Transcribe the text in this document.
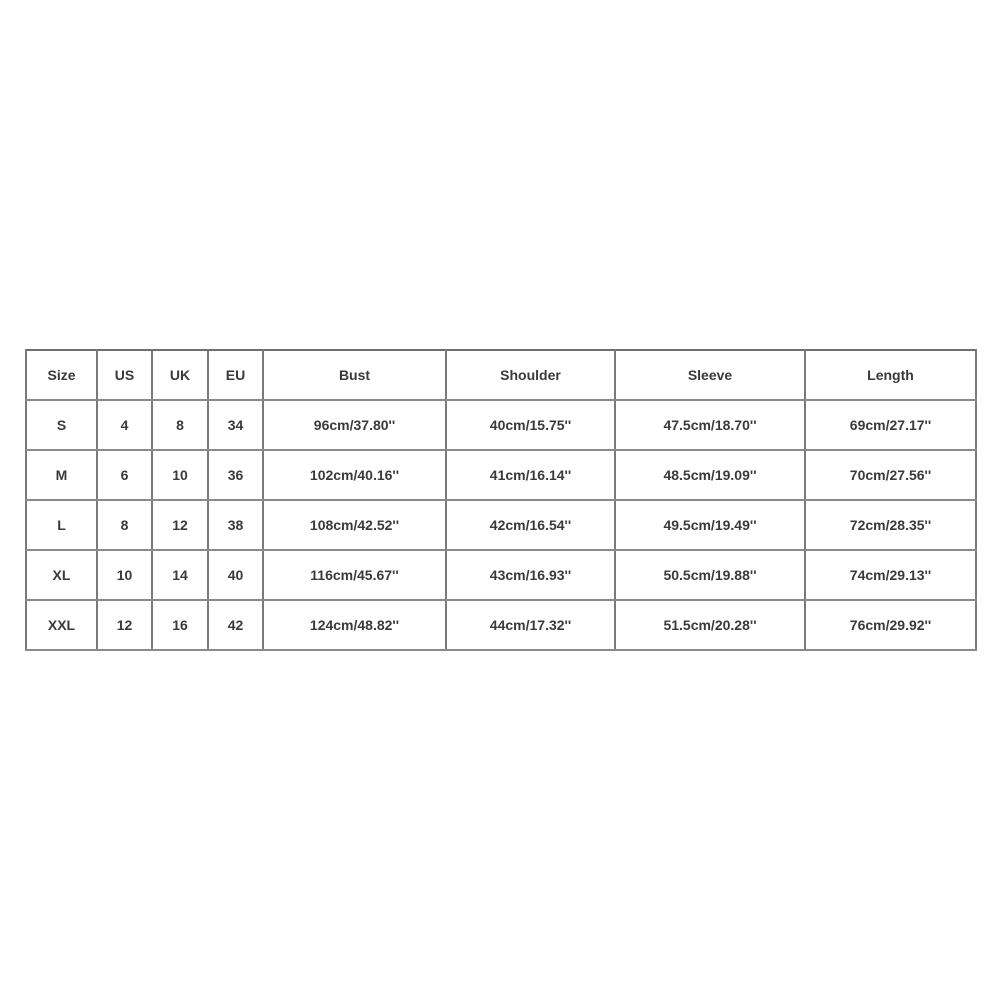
Size	US	UK	EU	Bust	Shoulder	Sleeve	Length
S	4	8	34	96cm/37.80''	40cm/15.75''	47.5cm/18.70''	69cm/27.17''
M	6	10	36	102cm/40.16''	41cm/16.14''	48.5cm/19.09''	70cm/27.56''
L	8	12	38	108cm/42.52''	42cm/16.54''	49.5cm/19.49''	72cm/28.35''
XL	10	14	40	116cm/45.67''	43cm/16.93''	50.5cm/19.88''	74cm/29.13''
XXL	12	16	42	124cm/48.82''	44cm/17.32''	51.5cm/20.28''	76cm/29.92''
